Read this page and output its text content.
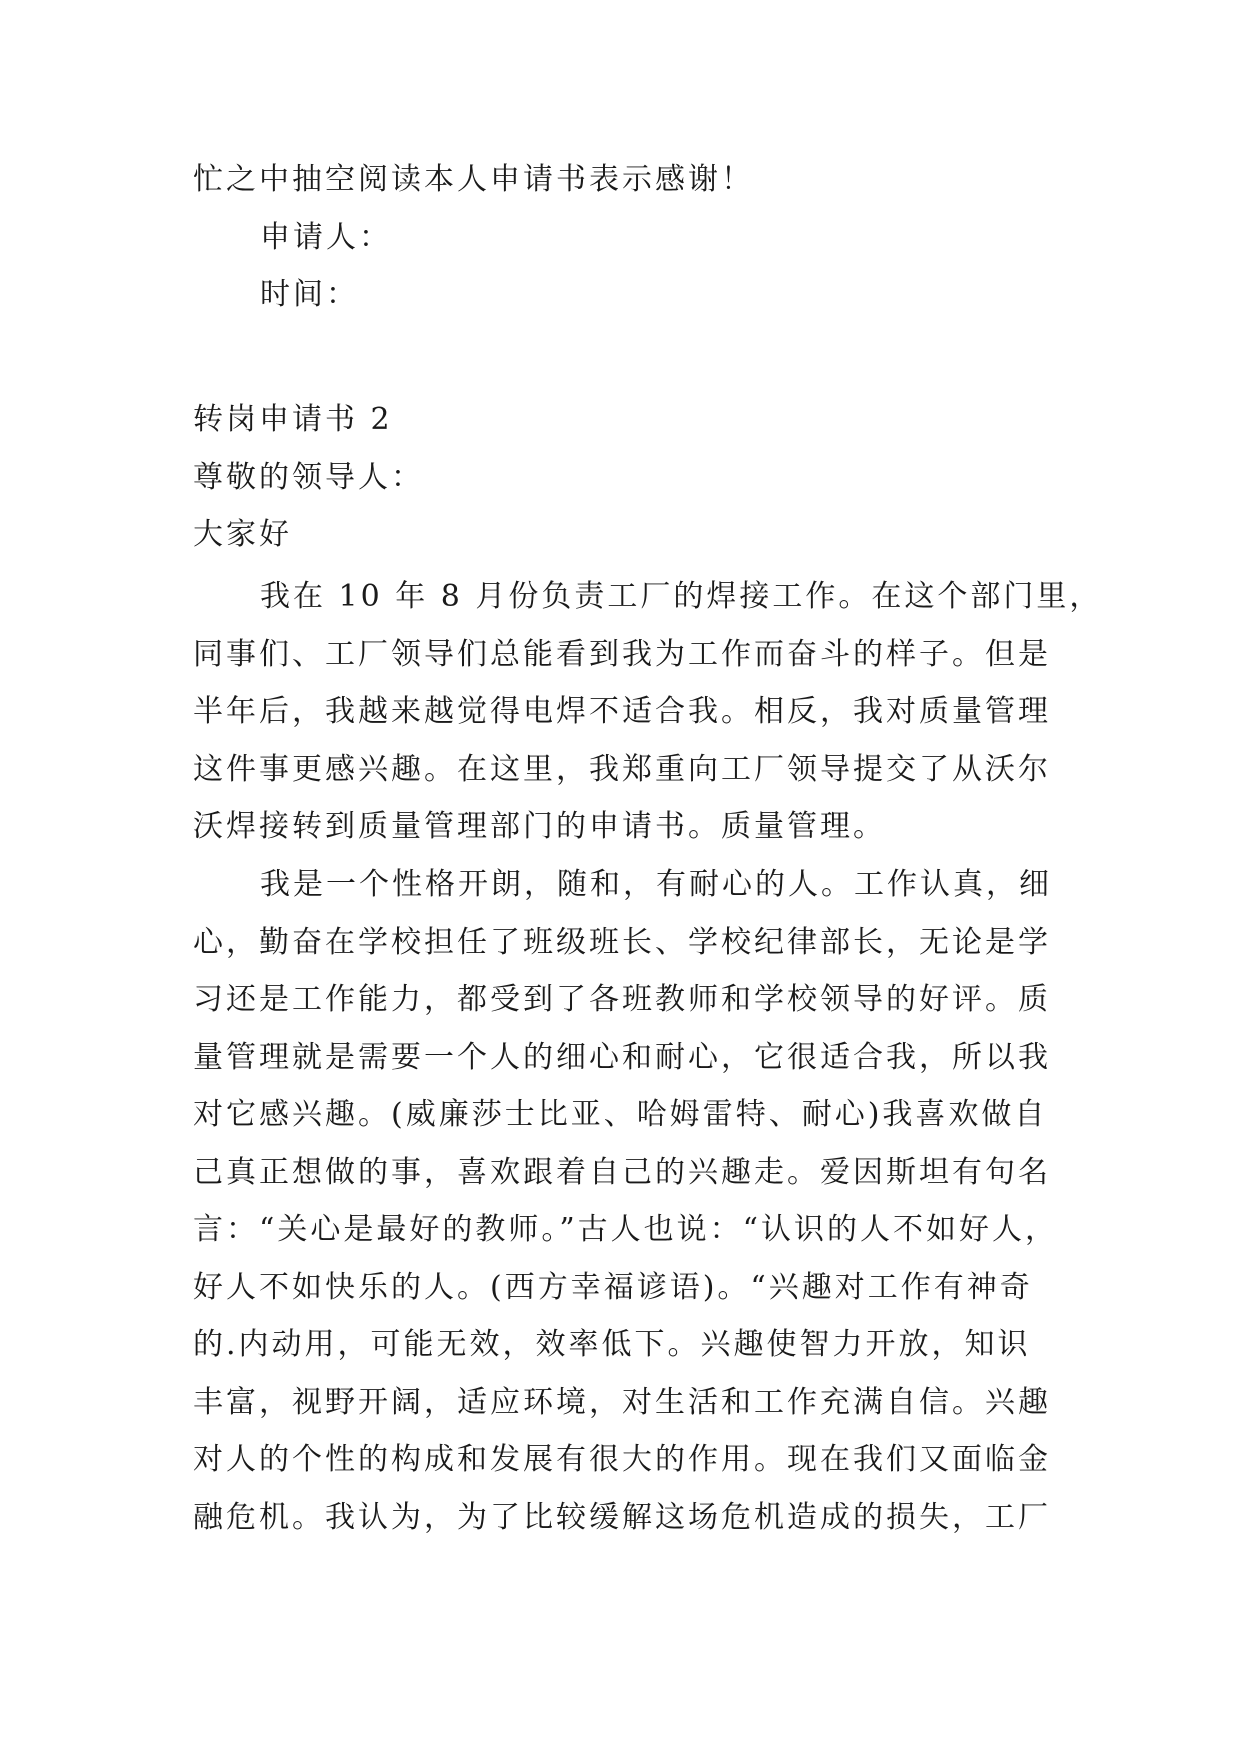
忙之中抽空阅读本人申请书表示感谢！
申请人：
时间：
转岗申请书 2
尊敬的领导人：
大家好
我在 10 年 8 月份负责工厂的焊接工作。在这个部门里，
同事们、工厂领导们总能看到我为工作而奋斗的样子。但是
半年后，我越来越觉得电焊不适合我。相反，我对质量管理
这件事更感兴趣。在这里，我郑重向工厂领导提交了从沃尔
沃焊接转到质量管理部门的申请书。质量管理。
我是一个性格开朗，随和，有耐心的人。工作认真，细
心，勤奋在学校担任了班级班长、学校纪律部长，无论是学
习还是工作能力，都受到了各班教师和学校领导的好评。质
量管理就是需要一个人的细心和耐心，它很适合我，所以我
对它感兴趣。(威廉莎士比亚、哈姆雷特、耐心)我喜欢做自
己真正想做的事，喜欢跟着自己的兴趣走。爱因斯坦有句名
言：“关心是最好的教师。”古人也说：“认识的人不如好人，
好人不如快乐的人。(西方幸福谚语)。“兴趣对工作有神奇
的.内动用，可能无效，效率低下。兴趣使智力开放，知识
丰富，视野开阔，适应环境，对生活和工作充满自信。兴趣
对人的个性的构成和发展有很大的作用。现在我们又面临金
融危机。我认为，为了比较缓解这场危机造成的损失，工厂
